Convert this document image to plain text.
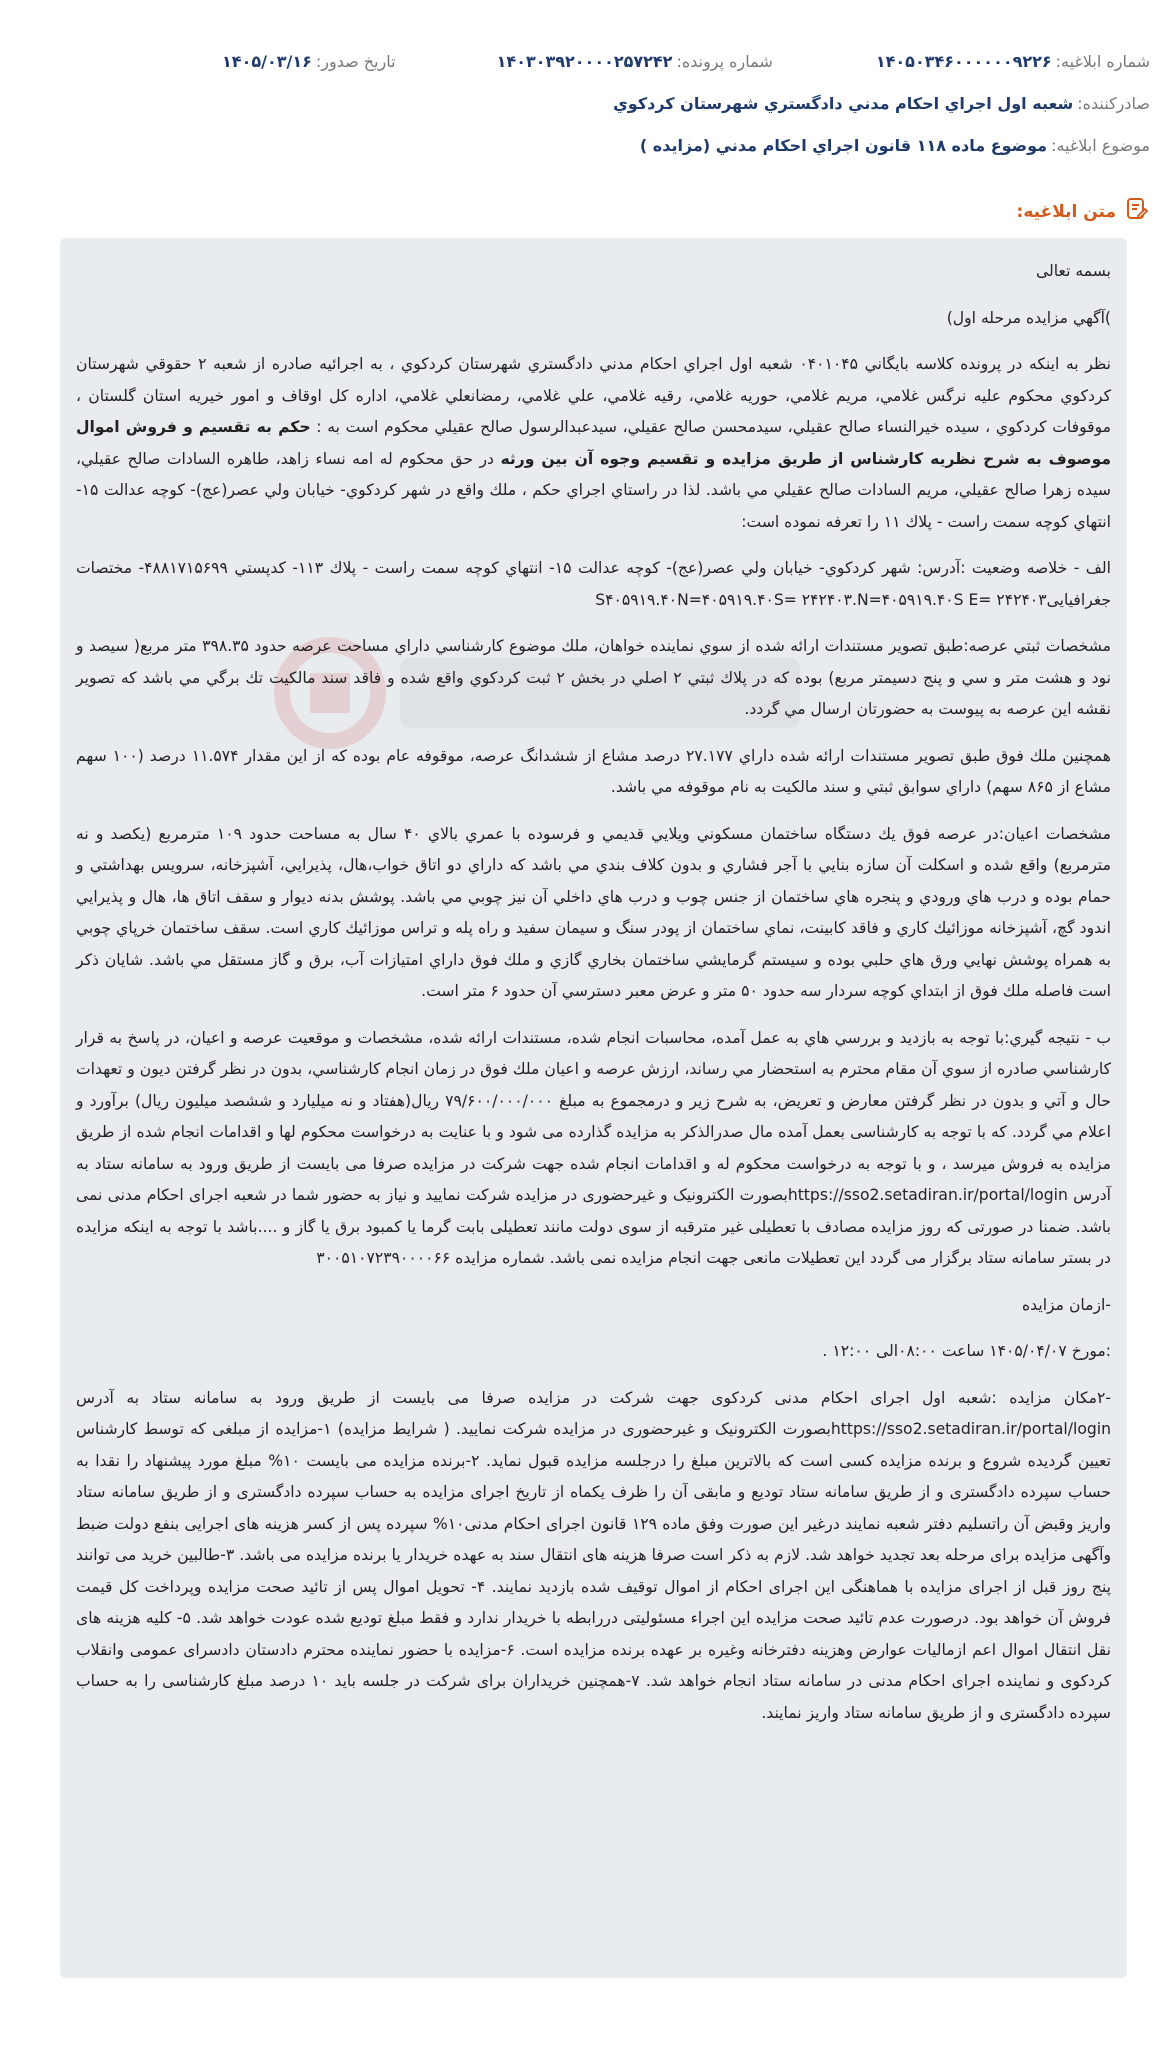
شماره ابلاغيه:
۱۴۰۵۰۳۴۶۰۰۰۰۰۰۹۲۲۶
شماره پرونده:
۱۴۰۳۰۳۹۲۰۰۰۰۲۵۷۲۴۲
تاريخ صدور:
۱۴۰۵/۰۳/۱۶
صادركننده:
شعبه اول اجراي احكام مدني دادگستري شهرستان كردكوي
موضوع ابلاغيه:
موضوع ماده ۱۱۸ قانون اجراي احكام مدني (مزايده )
متن ابلاغيه:

بسمه تعالی

)آگهي مزايده مرحله اول)

نظر به اينكه در پرونده كلاسه بايگاني ۰۴۰۱۰۴۵ شعبه اول اجراي احكام مدني دادگستري شهرستان كردكوي ، به اجرائيه صادره از شعبه ۲ حقوقي شهرستان كردكوي محكوم عليه نرگس غلامي، مريم غلامي، حوريه غلامي، رقيه غلامي، علي غلامي، رمضانعلي غلامي، اداره كل اوقاف و امور خيريه استان گلستان ، موقوفات كردكوي ، سيده خيرالنساء صالح عقيلي، سيدمحسن صالح عقيلي، سيدعبدالرسول صالح عقيلي محكوم است به : حكم به تقسيم و فروش اموال موصوف به شرح نظريه كارشناس از طريق مزايده و تقسيم وجوه آن بين ورثه در حق محكوم له امه نساء زاهد، طاهره السادات صالح عقيلي، سيده زهرا صالح عقيلي، مريم السادات صالح عقيلي مي باشد. لذا در راستاي اجراي حكم ، ملك واقع در شهر كردكوي- خيابان ولي عصر(عج)- كوچه عدالت ۱۵- انتهاي كوچه سمت راست - پلاك ۱۱ را تعرفه نموده است:

الف - خلاصه وضعيت :آدرس: شهر كردكوي- خيابان ولي عصر(عج)- كوچه عدالت ۱۵- انتهاي كوچه سمت راست - پلاك ۱۱۳- كدپستي ۴۸۸۱۷۱۵۶۹۹- مختصات جغرافيايیS۴۰۵۹۱۹.۴۰N=۴۰۵۹۱۹.۴۰S= ۲۴۲۴۰۳.N=۴۰۵۹۱۹.۴۰S E= ۲۴۲۴۰۳

مشخصات ثبتي عرصه:طبق تصوير مستندات ارائه شده از سوي نماينده خواهان، ملك موضوع كارشناسي داراي مساحت عرصه حدود ۳۹۸.۳۵ متر مربع( سيصد و نود و هشت متر و سي و پنج دسيمتر مربع) بوده كه در پلاك ثبتي ۲ اصلي در بخش ۲ ثبت كردكوي واقع شده و فاقد سند مالكيت تك برگي مي باشد كه تصوير نقشه اين عرصه به پيوست به حضورتان ارسال مي گردد.

همچنين ملك فوق طبق تصوير مستندات ارائه شده داراي ۲۷.۱۷۷ درصد مشاع از ششدانگ عرصه، موقوفه عام بوده كه از اين مقدار ۱۱.۵۷۴ درصد (۱۰۰ سهم مشاع از ۸۶۵ سهم) داراي سوابق ثبتي و سند مالكيت به نام موقوفه مي باشد.

مشخصات اعيان:در عرصه فوق يك دستگاه ساختمان مسكوني ويلايي قديمي و فرسوده با عمري بالاي ۴۰ سال به مساحت حدود ۱۰۹ مترمربع (يكصد و نه مترمربع) واقع شده و اسكلت آن سازه بنايي با آجر فشاري و بدون كلاف بندي مي باشد كه داراي دو اتاق خواب،هال، پذيرايي، آشپزخانه، سرويس بهداشتي و حمام بوده و درب هاي ورودي و پنجره هاي ساختمان از جنس چوب و درب هاي داخلي آن نيز چوبي مي باشد. پوشش بدنه ديوار و سقف اتاق ها، هال و پذيرايي اندود گچ، آشپزخانه موزائيك كاري و فاقد كابينت، نماي ساختمان از پودر سنگ و سيمان سفيد و راه پله و تراس موزائيك كاري است. سقف ساختمان خرپاي چوبي به همراه پوشش نهايي ورق هاي حلبي بوده و سيستم گرمايشي ساختمان بخاري گازي و ملك فوق داراي امتيازات آب، برق و گاز مستقل مي باشد. شايان ذكر است فاصله ملك فوق از ابتداي كوچه سردار سه حدود ۵۰ متر و عرض معبر دسترسي آن حدود ۶ متر است.

ب - نتيجه گيري:با توجه به بازديد و بررسي هاي به عمل آمده، محاسبات انجام شده، مستندات ارائه شده، مشخصات و موقعيت عرصه و اعيان، در پاسخ به قرار كارشناسي صادره از سوي آن مقام محترم به استحضار مي رساند، ارزش عرصه و اعيان ملك فوق در زمان انجام كارشناسي، بدون در نظر گرفتن ديون و تعهدات حال و آتي و بدون در نظر گرفتن معارض و تعريض، به شرح زير و درمجموع به مبلغ ۷۹/۶۰۰/۰۰۰/۰۰۰ ريال(هفتاد و نه ميليارد و ششصد ميليون ريال) برآورد و اعلام مي گردد. كه با توجه به كارشناسی بعمل آمده مال صدرالذكر به مزايده گذارده می شود و با عنايت به درخواست محكوم لها و اقدامات انجام شده از طريق مزايده به فروش ميرسد ، و با توجه به درخواست محكوم له و اقدامات انجام شده جهت شركت در مزايده صرفا می بايست از طريق ورود به سامانه ستاد به آدرس https://sso2.setadiran.ir/portal/loginبصورت الكترونيک و غيرحضوری در مزايده شركت نماييد و نياز به حضور شما در شعبه اجرای احكام مدنی نمی باشد. ضمنا در صورتی كه روز مزايده مصادف با تعطيلی غير مترقبه از سوی دولت مانند تعطيلی بابت گرما يا كمبود برق يا گاز و ....باشد با توجه به اينكه مزايده در بستر سامانه ستاد برگزار می گردد اين تعطيلات مانعی جهت انجام مزايده نمی باشد. شماره مزايده ۳۰۰۵۱۰۷۲۳۹۰۰۰۰۶۶

-ازمان مزايده

:مورخ ۱۴۰۵/۰۴/۰۷ ساعت ۰۸:۰۰الی ۱۲:۰۰ .

-۲مكان مزايده :شعبه اول اجرای احكام مدنی كردكوی جهت شركت در مزايده صرفا می بايست از طريق ورود به سامانه ستاد به آدرس https://sso2.setadiran.ir/portal/loginبصورت الكترونيک و غيرحضوری در مزايده شركت نماييد. ( شرايط مزايده) ۱-مزايده از مبلغی كه توسط كارشناس تعيين گرديده شروع و برنده مزايده كسی است كه بالاترين مبلغ را درجلسه مزايده قبول نمايد. ۲-برنده مزايده می بايست ۱۰% مبلغ مورد پيشنهاد را نقدا به حساب سپرده دادگستری و از طريق سامانه ستاد توديع و مابقی آن را ظرف يكماه از تاريخ اجرای مزايده به حساب سپرده دادگستری و از طريق سامانه ستاد واريز وقبض آن راتسليم دفتر شعبه نمايند درغير اين صورت وفق ماده ۱۲۹ قانون اجرای احكام مدنی۱۰% سپرده پس از كسر هزينه های اجرايی بنفع دولت ضبط وآگهی مزايده برای مرحله بعد تجديد خواهد شد. لازم به ذكر است صرفا هزينه های انتقال سند به عهده خريدار يا برنده مزايده می باشد. ۳-طالبين خريد می توانند پنج روز قبل از اجرای مزايده با هماهنگی اين اجرای احكام از اموال توقيف شده بازديد نمايند. ۴- تحويل اموال پس از تائيد صحت مزايده وپرداخت كل قيمت فروش آن خواهد بود. درصورت عدم تائيد صحت مزايده اين اجراء مسئوليتی دررابطه با خريدار ندارد و فقط مبلغ توديع شده عودت خواهد شد. ۵- كليه هزينه های نقل انتقال اموال اعم ازماليات عوارض وهزينه دفترخانه وغيره بر عهده برنده مزايده است. ۶-مزايده با حضور نماينده محترم دادستان دادسرای عمومی وانقلاب كردكوی و نماينده اجرای احكام مدنی در سامانه ستاد انجام خواهد شد. ۷-همچنين خريداران برای شركت در جلسه بايد ۱۰ درصد مبلغ كارشناسی را به حساب سپرده دادگستری و از طريق سامانه ستاد واريز نمايند.
